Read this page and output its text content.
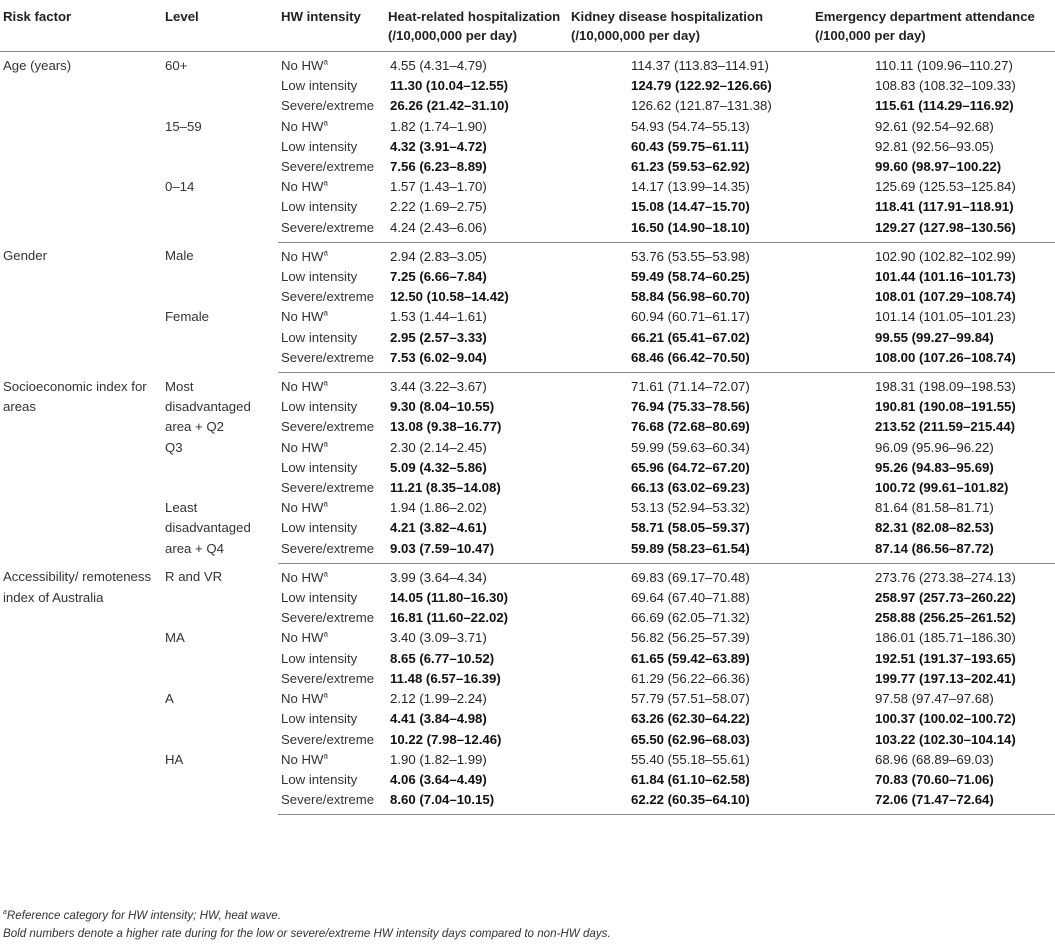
Risk factor	Level	HW intensity	Heat-related hospitalization (/10,000,000 per day)	Kidney disease hospitalization (/10,000,000 per day)	Emergency department attendance (/100,000 per day)
Age (years)	60+	No $HW^a$	4.55 (4.31–4.79)	114.37 (113.83–114.91)	110.11 (109.96–110.27)
		Low intensity	11.30 (10.04–12.55)	124.79 (122.92–126.66)	108.83 (108.32–109.33)
		Severe/extreme	26.26 (21.42–31.10)	126.62 (121.87–131.38)	115.61 (114.29–116.92)
	15–59	No $HW^a$	1.82 (1.74–1.90)	54.93 (54.74–55.13)	92.61 (92.54–92.68)
		Low intensity	4.32 (3.91–4.72)	60.43 (59.75–61.11)	92.81 (92.56–93.05)
		Severe/extreme	7.56 (6.23–8.89)	61.23 (59.53–62.92)	99.60 (98.97–100.22)
	0–14	No $HW^a$	1.57 (1.43–1.70)	14.17 (13.99–14.35)	125.69 (125.53–125.84)
		Low intensity	2.22 (1.69–2.75)	15.08 (14.47–15.70)	118.41 (117.91–118.91)
		Severe/extreme	4.24 (2.43–6.06)	16.50 (14.90–18.10)	129.27 (127.98–130.56)
Gender	Male	No $HW^a$	2.94 (2.83–3.05)	53.76 (53.55–53.98)	102.90 (102.82–102.99)
		Low intensity	7.25 (6.66–7.84)	59.49 (58.74–60.25)	101.44 (101.16–101.73)
		Severe/extreme	12.50 (10.58–14.42)	58.84 (56.98–60.70)	108.01 (107.29–108.74)
	Female	No $HW^a$	1.53 (1.44–1.61)	60.94 (60.71–61.17)	101.14 (101.05–101.23)
		Low intensity	2.95 (2.57–3.33)	66.21 (65.41–67.02)	99.55 (99.27–99.84)
		Severe/extreme	7.53 (6.02–9.04)	68.46 (66.42–70.50)	108.00 (107.26–108.74)
Socioeconomic index for areas	Most disadvantaged area + Q2	No $HW^a$	3.44 (3.22–3.67)	71.61 (71.14–72.07)	198.31 (198.09–198.53)
		Low intensity	9.30 (8.04–10.55)	76.94 (75.33–78.56)	190.81 (190.08–191.55)
		Severe/extreme	13.08 (9.38–16.77)	76.68 (72.68–80.69)	213.52 (211.59–215.44)
	Q3	No $HW^a$	2.30 (2.14–2.45)	59.99 (59.63–60.34)	96.09 (95.96–96.22)
		Low intensity	5.09 (4.32–5.86)	65.96 (64.72–67.20)	95.26 (94.83–95.69)
		Severe/extreme	11.21 (8.35–14.08)	66.13 (63.02–69.23)	100.72 (99.61–101.82)
	Least disadvantaged area + Q4	No $HW^a$	1.94 (1.86–2.02)	53.13 (52.94–53.32)	81.64 (81.58–81.71)
		Low intensity	4.21 (3.82–4.61)	58.71 (58.05–59.37)	82.31 (82.08–82.53)
		Severe/extreme	9.03 (7.59–10.47)	59.89 (58.23–61.54)	87.14 (86.56–87.72)
Accessibility/ remoteness index of Australia	R and VR	No $HW^a$	3.99 (3.64–4.34)	69.83 (69.17–70.48)	273.76 (273.38–274.13)
		Low intensity	14.05 (11.80–16.30)	69.64 (67.40–71.88)	258.97 (257.73–260.22)
		Severe/extreme	16.81 (11.60–22.02)	66.69 (62.05–71.32)	258.88 (256.25–261.52)
	MA	No $HW^a$	3.40 (3.09–3.71)	56.82 (56.25–57.39)	186.01 (185.71–186.30)
		Low intensity	8.65 (6.77–10.52)	61.65 (59.42–63.89)	192.51 (191.37–193.65)
		Severe/extreme	11.48 (6.57–16.39)	61.29 (56.22–66.36)	199.77 (197.13–202.41)
	A	No $HW^a$	2.12 (1.99–2.24)	57.79 (57.51–58.07)	97.58 (97.47–97.68)
		Low intensity	4.41 (3.84–4.98)	63.26 (62.30–64.22)	100.37 (100.02–100.72)
		Severe/extreme	10.22 (7.98–12.46)	65.50 (62.96–68.03)	103.22 (102.30–104.14)
	HA	No $HW^a$	1.90 (1.82–1.99)	55.40 (55.18–55.61)	68.96 (68.89–69.03)
		Low intensity	4.06 (3.64–4.49)	61.84 (61.10–62.58)	70.83 (70.60–71.06)
		Severe/extreme	8.60 (7.04–10.15)	62.22 (60.35–64.10)	72.06 (71.47–72.64)
$^a$Reference category for HW intensity; HW, heat wave.
Bold numbers denote a higher rate during for the low or severe/extreme HW intensity days compared to non-HW days.
